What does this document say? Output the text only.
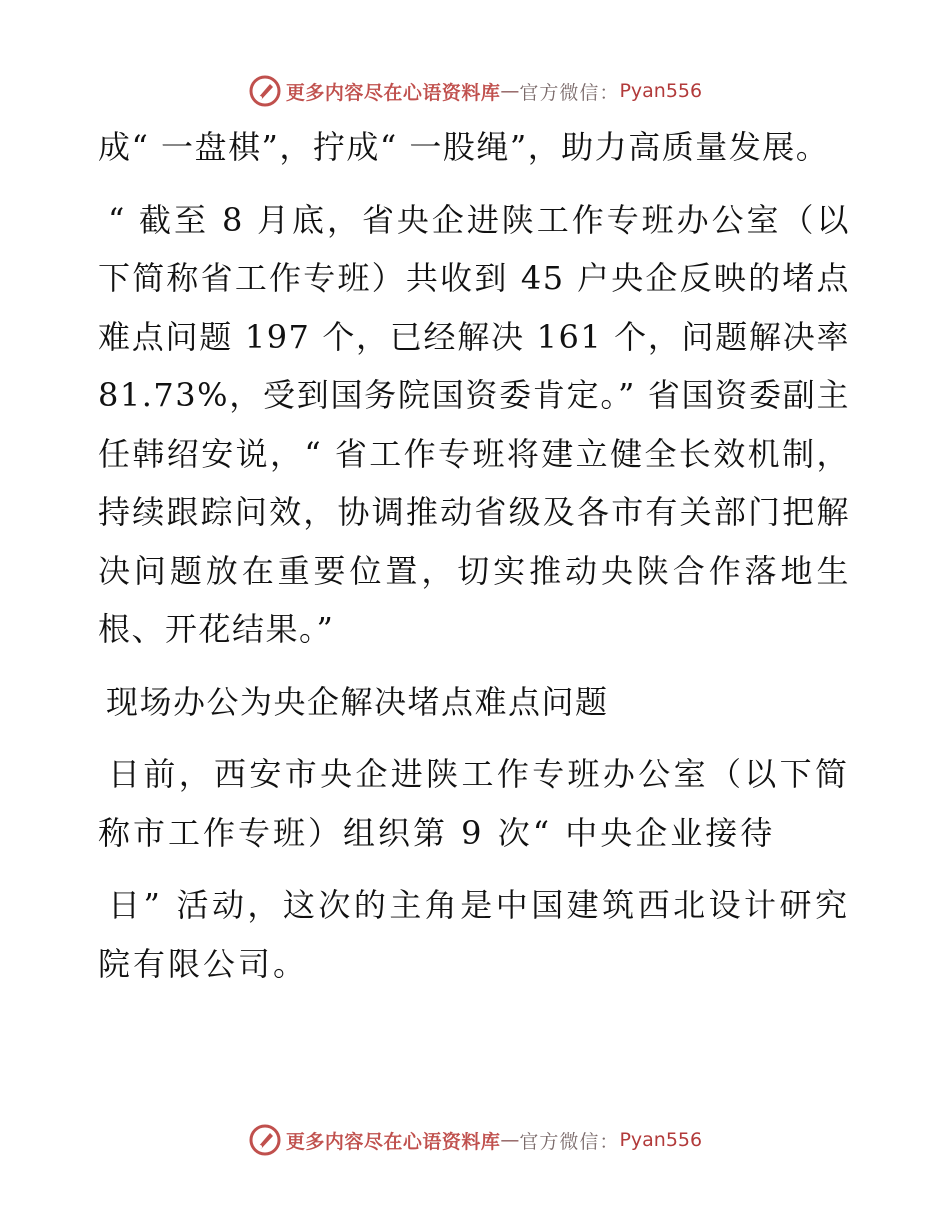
更多内容尽在心语资料库 — 官方微信： Pyan556

成“ 一盘棋”，拧成“ 一股绳”，助力高质量发展。

“ 截至 8 月底，省央企进陕工作专班办公室（以下简称省工作专班）共收到 45 户央企反映的堵点难点问题 197 个，已经解决 161 个，问题解决率 81.73%，受到国务院国资委肯定。” 省国资委副主任韩绍安说，“ 省工作专班将建立健全长效机制，持续跟踪问效，协调推动省级及各市有关部门把解决问题放在重要位置，切实推动央陕合作落地生根、开花结果。”

现场办公为央企解决堵点难点问题

日前，西安市央企进陕工作专班办公室（以下简称市工作专班）组织第 9 次“ 中央企业接待

日” 活动，这次的主角是中国建筑西北设计研究院有限公司。

更多内容尽在心语资料库 — 官方微信： Pyan556
